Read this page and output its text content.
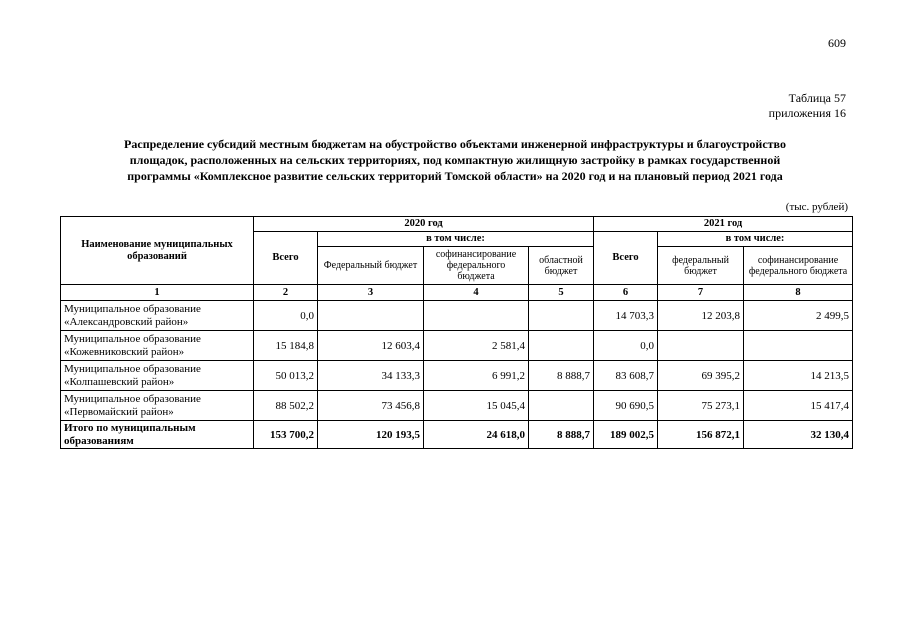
609
Таблица 57
приложения 16
Распределение субсидий местным бюджетам на обустройство объектами инженерной инфраструктуры и благоустройство
площадок, расположенных на сельских территориях, под компактную жилищную застройку в рамках государственной
программы «Комплексное развитие сельских территорий Томской области» на 2020 год и на плановый период 2021 года
(тыс. рублей)
Наименование муниципальных образований	2020 год				2021 год		
	Всего	в том числе:			Всего	в том числе:	
		Федеральный бюджет	софинансирование федерального бюджета	областной бюджет		федеральный бюджет	софинансирование федерального бюджета
1	2	3	4	5	6	7	8
Муниципальное образование «Александровский район»	0,0				14 703,3	12 203,8	2 499,5
Муниципальное образование «Кожевниковский район»	15 184,8	12 603,4	2 581,4		0,0		
Муниципальное образование «Колпашевский район»	50 013,2	34 133,3	6 991,2	8 888,7	83 608,7	69 395,2	14 213,5
Муниципальное образование «Первомайский район»	88 502,2	73 456,8	15 045,4		90 690,5	75 273,1	15 417,4
Итого по муниципальным образованиям	153 700,2	120 193,5	24 618,0	8 888,7	189 002,5	156 872,1	32 130,4
